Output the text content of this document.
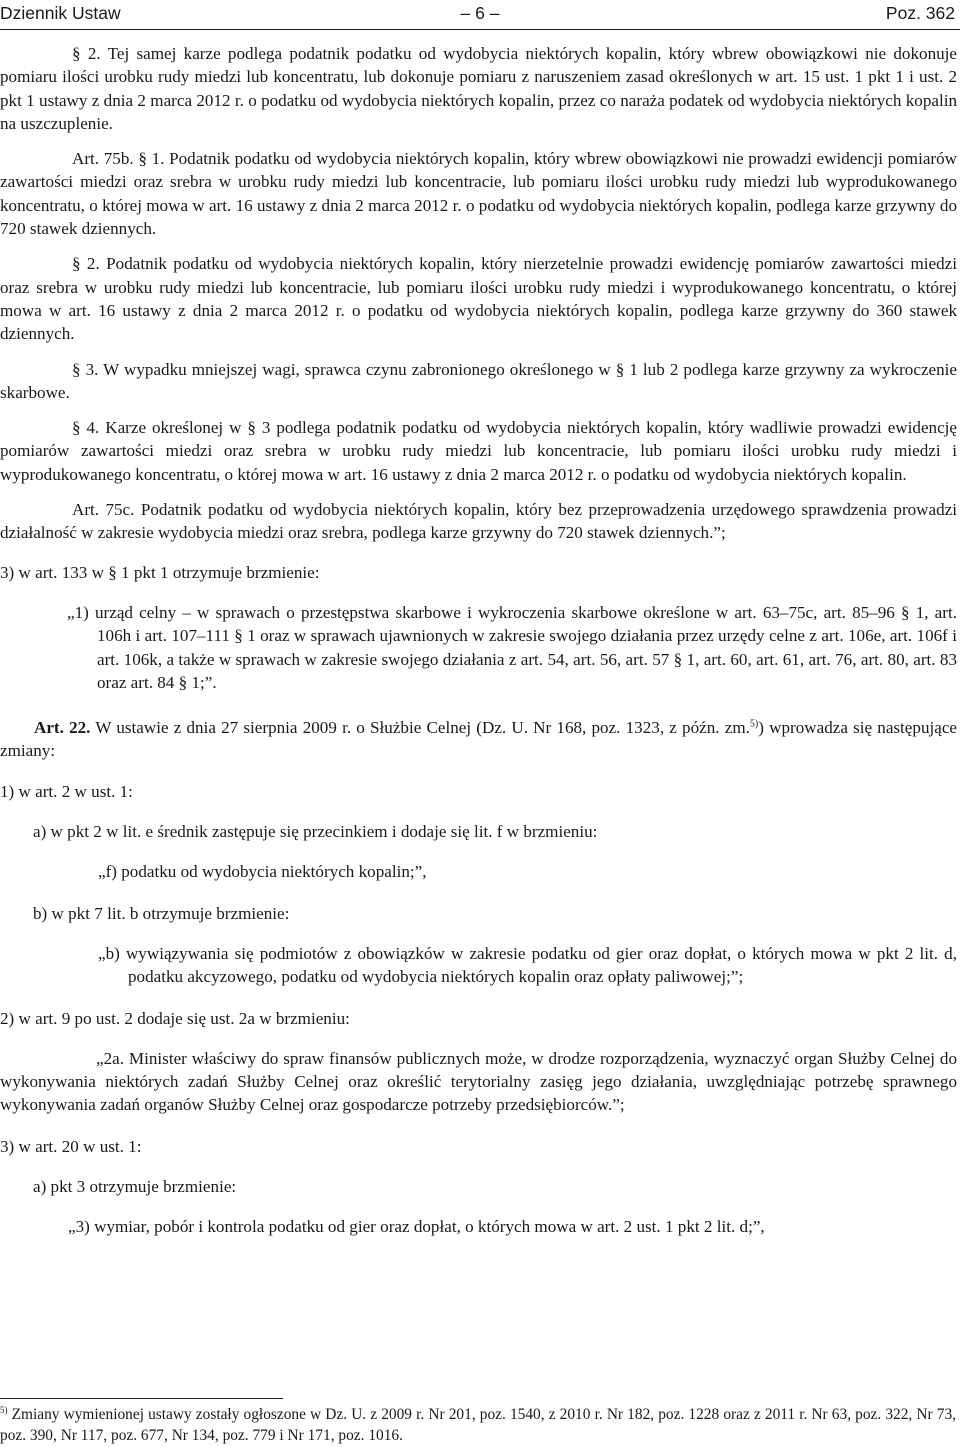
Dziennik Ustaw	– 6 –	Poz. 362

§ 2. Tej samej karze podlega podatnik podatku od wydobycia niektórych kopalin, który wbrew obowiązkowi nie dokonuje pomiaru ilości urobku rudy miedzi lub koncentratu, lub dokonuje pomiaru z naruszeniem zasad określonych w art. 15 ust. 1 pkt 1 i ust. 2 pkt 1 ustawy z dnia 2 marca 2012 r. o podatku od wydobycia niektórych kopalin, przez co naraża podatek od wydobycia niektórych kopalin na uszczuplenie.

Art. 75b. § 1. Podatnik podatku od wydobycia niektórych kopalin, który wbrew obowiązkowi nie prowadzi ewidencji pomiarów zawartości miedzi oraz srebra w urobku rudy miedzi lub koncentracie, lub pomiaru ilości urobku rudy miedzi lub wyprodukowanego koncentratu, o której mowa w art. 16 ustawy z dnia 2 marca 2012 r. o podatku od wydobycia niektórych kopalin, podlega karze grzywny do 720 stawek dziennych.

§ 2. Podatnik podatku od wydobycia niektórych kopalin, który nierzetelnie prowadzi ewidencję pomiarów zawartości miedzi oraz srebra w urobku rudy miedzi lub koncentracie, lub pomiaru ilości urobku rudy miedzi i wyprodukowanego koncentratu, o której mowa w art. 16 ustawy z dnia 2 marca 2012 r. o podatku od wydobycia niektórych kopalin, podlega karze grzywny do 360 stawek dziennych.

§ 3. W wypadku mniejszej wagi, sprawca czynu zabronionego określonego w § 1 lub 2 podlega karze grzywny za wykroczenie skarbowe.

§ 4. Karze określonej w § 3 podlega podatnik podatku od wydobycia niektórych kopalin, który wadliwie prowadzi ewidencję pomiarów zawartości miedzi oraz srebra w urobku rudy miedzi lub koncentracie, lub pomiaru ilości urobku rudy miedzi i wyprodukowanego koncentratu, o której mowa w art. 16 ustawy z dnia 2 marca 2012 r. o podatku od wydobycia niektórych kopalin.

Art. 75c. Podatnik podatku od wydobycia niektórych kopalin, który bez przeprowadzenia urzędowego sprawdzenia prowadzi działalność w zakresie wydobycia miedzi oraz srebra, podlega karze grzywny do 720 stawek dziennych.”;

3) w art. 133 w § 1 pkt 1 otrzymuje brzmienie:

„1) urząd celny – w sprawach o przestępstwa skarbowe i wykroczenia skarbowe określone w art. 63–75c, art. 85–96 § 1, art. 106h i art. 107–111 § 1 oraz w sprawach ujawnionych w zakresie swojego działania przez urzędy celne z art. 106e, art. 106f i art. 106k, a także w sprawach w zakresie swojego działania z art. 54, art. 56, art. 57 § 1, art. 60, art. 61, art. 76, art. 80, art. 83 oraz art. 84 § 1;”.

Art. 22. W ustawie z dnia 27 sierpnia 2009 r. o Służbie Celnej (Dz. U. Nr 168, poz. 1323, z późn. zm.$^{5)}$) wprowadza się następujące zmiany:

1) w art. 2 w ust. 1:

a) w pkt 2 w lit. e średnik zastępuje się przecinkiem i dodaje się lit. f w brzmieniu:

„f) podatku od wydobycia niektórych kopalin;”,

b) w pkt 7 lit. b otrzymuje brzmienie:

„b) wywiązywania się podmiotów z obowiązków w zakresie podatku od gier oraz dopłat, o których mowa w pkt 2 lit. d, podatku akcyzowego, podatku od wydobycia niektórych kopalin oraz opłaty paliwowej;”;

2) w art. 9 po ust. 2 dodaje się ust. 2a w brzmieniu:

„2a. Minister właściwy do spraw finansów publicznych może, w drodze rozporządzenia, wyznaczyć organ Służby Celnej do wykonywania niektórych zadań Służby Celnej oraz określić terytorialny zasięg jego działania, uwzględniając potrzebę sprawnego wykonywania zadań organów Służby Celnej oraz gospodarcze potrzeby przedsiębiorców.”;

3) w art. 20 w ust. 1:

a) pkt 3 otrzymuje brzmienie:

„3) wymiar, pobór i kontrola podatku od gier oraz dopłat, o których mowa w art. 2 ust. 1 pkt 2 lit. d;”,

$^{5)}$ Zmiany wymienionej ustawy zostały ogłoszone w Dz. U. z 2009 r. Nr 201, poz. 1540, z 2010 r. Nr 182, poz. 1228 oraz z 2011 r. Nr 63, poz. 322, Nr 73, poz. 390, Nr 117, poz. 677, Nr 134, poz. 779 i Nr 171, poz. 1016.
